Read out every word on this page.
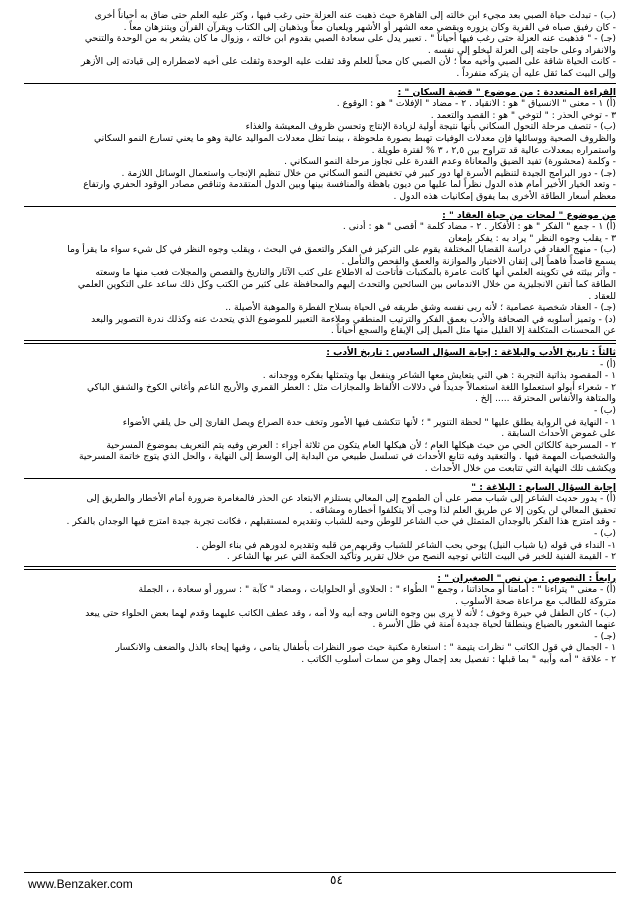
(ب) - تبدلت حياة الصبي بعد مجيء ابن خالته إلى القاهرة حيث ذهبت عنه العزلة حتى رغب فيها ، وكثر عليه العلم حتى ضاق به أحياناً أخرى
- كان رفيق صباه في القرية وكان يزوره ويقضى معه الشهر أو الأشهر ويلعبان معاً ويذهبان إلى الكتاب ويقرآن القرآن ويتنزهان معاً .
(جـ) - " فذهبت عنه العزلة حتى رغب فيها أحياناً " . تعبير يدل على سعادة الصبي بقدوم ابن خالته ، وزوال ما كان يشعر به من الوحدة والتنحي
والانفراد وعلى حاجته إلى العزلة ليخلو إلى نفسه .
- كانت الحياة شاقة على الصبي وأخيه معاً ؛ لأن الصبي كان محباً للعلم وقد ثقلت عليه الوحدة وثقلت على أخيه لاضطراره إلى قيادته إلى الأزهر
وإلى البيت كما ثقل عليه أن يتركه منفرداً .
القراءة المتعددة : من موضوع " قضية السكان " :
(أ) ١ - معنى " الانسياق " هو : الانقياد . ٢ - مضاد " الإفلات " هو : الوقوع .
٣ - توخي الحذر : " لتوخي " هو : القصد والتعمد .
(ب) - تتصف مرحلة التحول السكاني بأنها نتيجة أولية لزيادة الإنتاج وتحسن ظروف المعيشة والغذاء
والظروف الصحية ووسائلها فإن معدلات الوفيات تهبط بصورة ملحوظة ، بينما تظل معدلات المواليد عالية وهو ما يعني تسارع النمو السكاني
واستمراره بمعدلات عالية قد تتراوح بين ٢,٥ ، ٣ % لفترة طويلة .
- وكلمة (محشورة) تفيد الضيق والمعاناة وعدم القدرة على تجاوز مرحلة النمو السكاني .
(جـ) - دور البرامج الجيدة لتنظيم الأسرة لها دور كبير في تخفيض النمو السكاني من خلال تنظيم الإنجاب واستعمال الوسائل اللازمة .
- وتعد الخيار الأخير أمام هذه الدول نظراً لما عليها من ديون باهظة والمنافسة بينها وبين الدول المتقدمة وتناقص مصادر الوقود الحفري وارتفاع
معظم أسعار الطاقة الأخرى بما يفوق إمكانيات هذه الدول .
من موضوع " لمحات من حياة العقاد " :
(أ) ١ - جمع " الفكر " هو : الأفكار . ٢ - مضاد كلمة " أقصى " هو : أدنى .
٣ - يقلب وجوه النظر " يراد به : يفكر بإمعان
(ب) - منهج العقاد في دراسة القضايا المختلفة يقوم على التركيز في الفكر والتعمق في البحث ، ويقلب وجوه النظر في كل شيء سواء ما يقرأ وما
يسمع قاصداً فاهماً إلى إتقان الاختيار والموازنة والعمق والفحص والتأمل .
- وأثر بيئته في تكوينه العلمي أنها كانت عامرة بالمكتبات فأتاحت له الاطلاع على كتب الآثار والتاريخ والقصص والمجلات فعب منها ما وسعته
الطاقة كما أتقن الانجليزية من خلال الاندماس بين السائحين والتحدث إليهم والمحافظة على كثير من الكتب وكل ذلك ساعد على التكوين العلمي
للعقاد .
(جـ) - العقاد شخصية عصامية ؛ لأنه ربى نفسه وشق طريقه في الحياة بسلاح الفطرة والموهبة الأصيلة ..
(د) - وتميز أسلوبه في الصحافة والأدب بعمق الفكر والترتيب المنطقي وملاءمة التعبير للموضوع الذي يتحدث عنه وكذلك ندرة التصوير والبعد
عن المحسنات المتكلفة إلا القليل منها مثل الميل إلى الإيقاع والسجع أحياناً .
ثالثاً : تاريخ الأدب والبلاغة : إجابة السؤال السادس : تاريخ الأدب :
(أ) -
١ - المقصود بذاتية التجربة : هي التي يتعايش معها الشاعر وينفعل بها ويتمثلها بفكره ووجدانه .
٢ - شعراء أبولو استعملوا اللغة استعمالاً جديداً في دلالات الألفاظ والمجازات مثل : العطر القمري والأريج الناعم وأغاني الكوخ والشفق الباكي
والمتاهة والأنفاس المحترقة ..... إلخ .
(ب) -
١ - النهاية في الرواية يطلق عليها " لحظة التنوير " ؛ لأنها تتكشف فيها الأمور وتخف حدة الصراع ويصل القارئ إلى حل يلقي الأضواء
على غموض الأحداث السابقة .
٢ - المسرحية كالكائن الحي من حيث هيكلها العام ؛ لأن هيكلها العام يتكون من ثلاثة أجزاء : العرض وفيه يتم التعريف بموضوع المسرحية
والشخصيات المهمة فيها . والتعقيد وفيه تتابع الأحداث في تسلسل طبيعي من البداية إلى الوسط إلى النهاية ، والحل الذي يتوج خاتمة المسرحية
ويكشف تلك النهاية التي تتابعت من خلال الأحداث .
إجابة السؤال السابع : البلاغة : "
(أ) - يدور حديث الشاعر إلى شباب مصر على أن الطموح إلى المعالي يستلزم الابتعاد عن الحذر فالمغامرة ضرورة أمام الأخطار والطريق إلى
تحقيق المعالي لن يكون إلا عن طريق العلم لذا وجب ألا يتكلفوا أخطاره ومشاقه .
- وقد امتزج هذا الفكر بالوجدان المتمثل في حب الشاعر للوطن وحبه للشباب وتقديره لمستقبلهم ، فكانت تجربة جيدة امتزج فيها الوجدان بالفكر .
(ب) -
١- النداء في قوله (يا شباب النيل) يوحي بحب الشاعر للشباب وقربهم من قلبه وتقديره لدورهم في بناء الوطن .
٢ - القيمة الفنية للخبر في البيت الثاني توجيه النصح من خلال تقرير وتأكيد الحكمة التي عبر بها الشاعر .
رابعاً : النصوص : من نص " الصغيران " :
(أ) - معنى " يتراءنا " : أمامنا أو محاذاتنا ، وجمع " الطُواء " : الحلاوى أو الحلوايات ، ومضاد " كآبة " : سرور أو سعادة ، ، الجملة
متروكة للطالب مع مراعاة صحة الأسلوب .
(ب) - كان الطفل في حيرة وخوف ؛ لأنه لا يرى بين وجوه الناس وجه أبيه ولا أمه ، وقد عطف الكاتب عليهما وقدم لهما بعض الحلواء حتى يبعد
عنهما الشعور بالضياع وينطلقا لحياة جديدة آمنة في ظل الأسرة .
(جـ) -
١ - الجمال في قول الكاتب " نظرات يتيمة " : استعارة مكنية حيث صور النظرات بأطفال يتامى ، وفيها إيحاء بالذل والضعف والانكسار
٢ - علاقة " أمه وأبيه " بما قبلها : تفصيل بعد إجمال وهو من سمات أسلوب الكاتب .
www.Benzaker.com	٥٤
